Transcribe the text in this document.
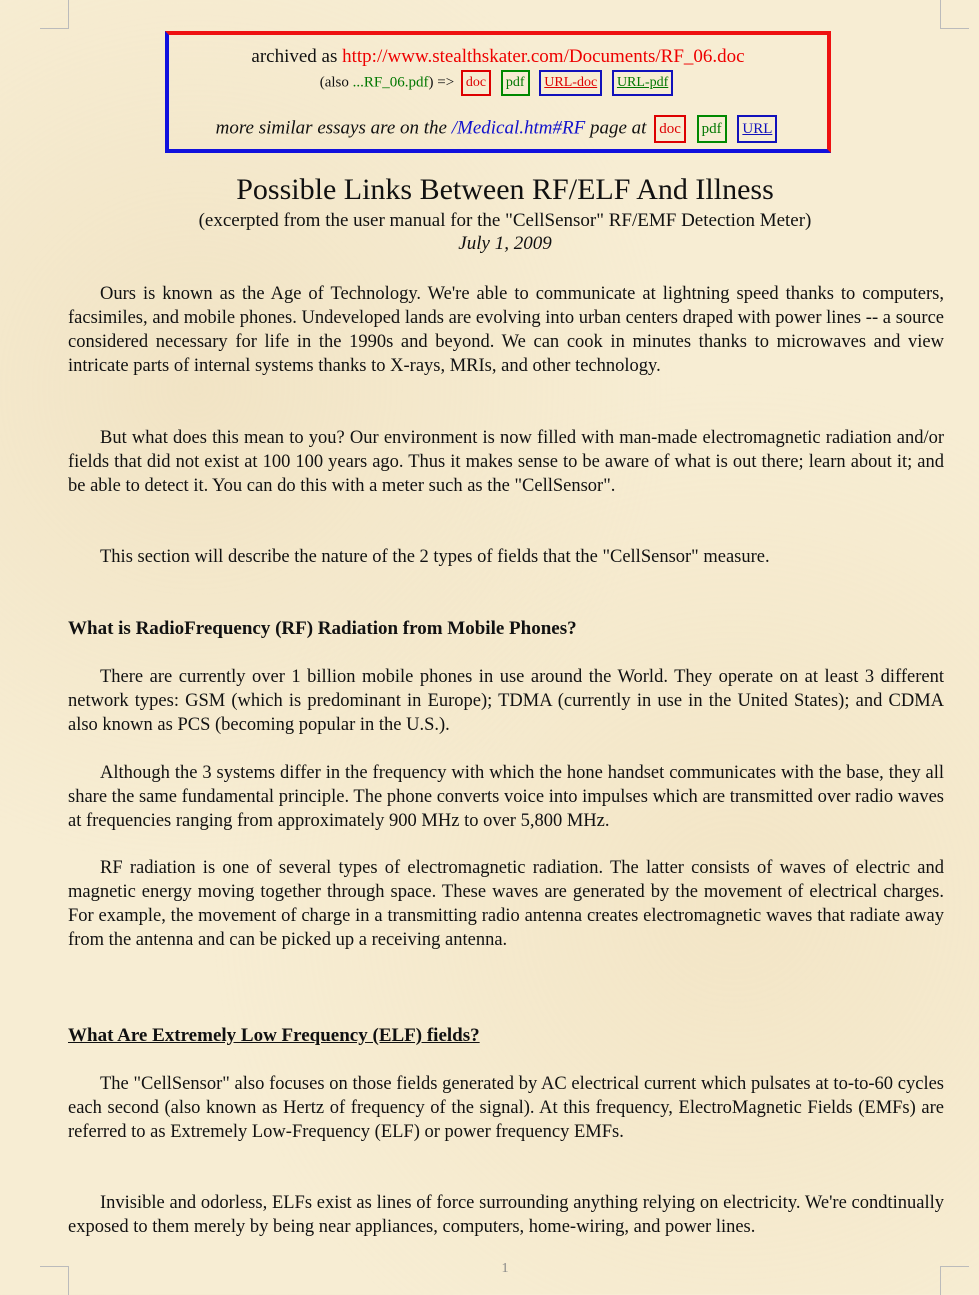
archived as http://www.stealthskater.com/Documents/RF_06.doc
(also ...RF_06.pdf) => doc pdf URL-doc URL-pdf
more similar essays are on the /Medical.htm#RF page at doc pdf URL
Possible Links Between RF/ELF And Illness
(excerpted from the user manual for the "CellSensor" RF/EMF Detection Meter)
July 1, 2009

Ours is known as the Age of Technology. We're able to communicate at lightning speed thanks to computers, facsimiles, and mobile phones. Undeveloped lands are evolving into urban centers draped with power lines -- a source considered necessary for life in the 1990s and beyond. We can cook in minutes thanks to microwaves and view intricate parts of internal systems thanks to X-rays, MRIs, and other technology.

But what does this mean to you? Our environment is now filled with man-made electromagnetic radiation and/or fields that did not exist at 100 100 years ago. Thus it makes sense to be aware of what is out there; learn about it; and be able to detect it. You can do this with a meter such as the "CellSensor".

This section will describe the nature of the 2 types of fields that the "CellSensor" measure.

What is RadioFrequency (RF) Radiation from Mobile Phones?

There are currently over 1 billion mobile phones in use around the World. They operate on at least 3 different network types: GSM (which is predominant in Europe); TDMA (currently in use in the United States); and CDMA also known as PCS (becoming popular in the U.S.).

Although the 3 systems differ in the frequency with which the hone handset communicates with the base, they all share the same fundamental principle. The phone converts voice into impulses which are transmitted over radio waves at frequencies ranging from approximately 900 MHz to over 5,800 MHz.

RF radiation is one of several types of electromagnetic radiation. The latter consists of waves of electric and magnetic energy moving together through space. These waves are generated by the movement of electrical charges. For example, the movement of charge in a transmitting radio antenna creates electromagnetic waves that radiate away from the antenna and can be picked up a receiving antenna.

What Are Extremely Low Frequency (ELF) fields?

The "CellSensor" also focuses on those fields generated by AC electrical current which pulsates at to-to-60 cycles each second (also known as Hertz of frequency of the signal). At this frequency, ElectroMagnetic Fields (EMFs) are referred to as Extremely Low-Frequency (ELF) or power frequency EMFs.

Invisible and odorless, ELFs exist as lines of force surrounding anything relying on electricity. We're condtinually exposed to them merely by being near appliances, computers, home-wiring, and power lines.

1
